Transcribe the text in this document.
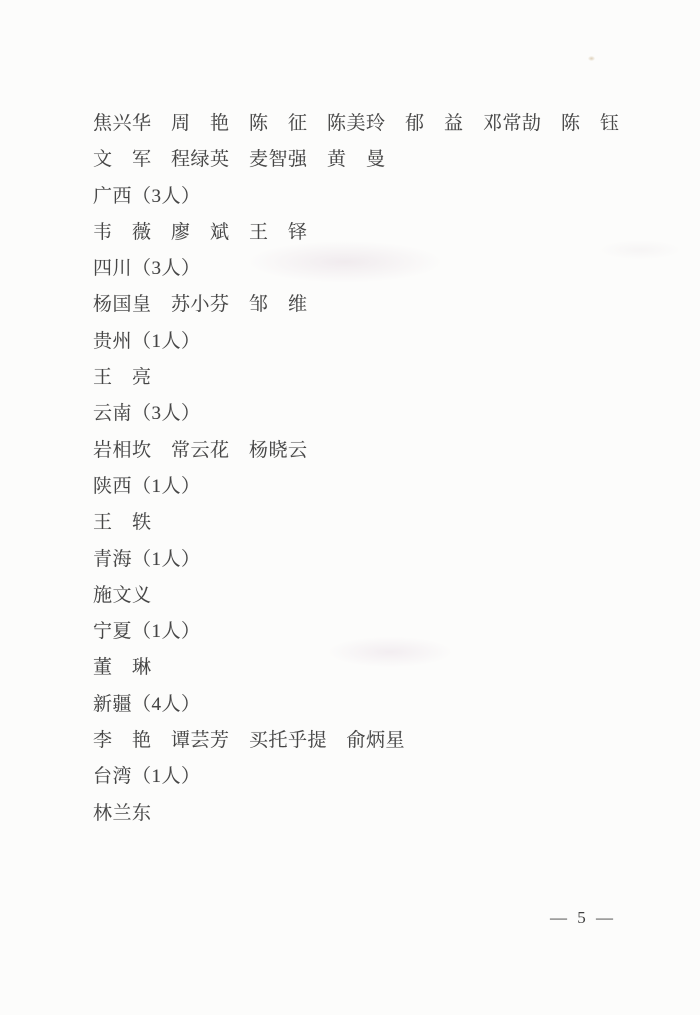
焦兴华　周　艳　陈　征　陈美玲　郁　益　邓常劼　陈　钰
文　军　程绿英　麦智强　黄　曼
广西（3人）
韦　薇　廖　斌　王　铎
四川（3人）
杨国皇　苏小芬　邹　维
贵州（1人）
王　亮
云南（3人）
岩相坎　常云花　杨晓云
陕西（1人）
王　轶
青海（1人）
施文义
宁夏（1人）
董　琳
新疆（4人）
李　艳　谭芸芳　买托乎提　俞炳星
台湾（1人）
林兰东
— 5 —
